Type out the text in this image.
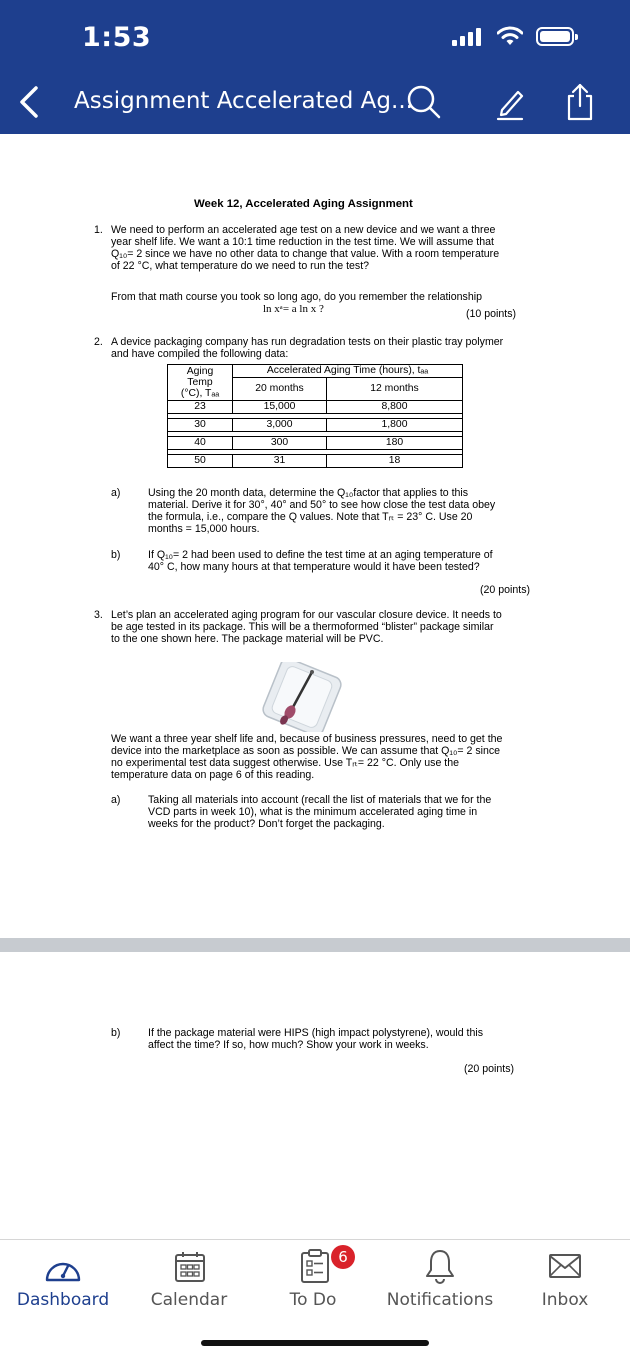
1:53
Assignment Accelerated Ag...
Week 12, Accelerated Aging Assignment
1. We need to perform an accelerated age test on a new device and we want a three
year shelf life. We want a 10:1 time reduction in the test time. We will assume that
Q₁₀= 2 since we have no other data to change that value. With a room temperature
of 22 °C, what temperature do we need to run the test?
From that math course you took so long ago, do you remember the relationship
ln xᵃ= a ln x ?	(10 points)
2. A device packaging company has run degradation tests on their plastic tray polymer
and have compiled the following data:
Aging
Temp
(°C), Tₐₐ	Accelerated Aging Time (hours), tₐₐ	
	20 months	12 months
23	15,000	8,800

30	3,000	1,800

40	300	180

50	31	18
a)	Using the 20 month data, determine the Q₁₀factor that applies to this
material. Derive it for 30°, 40° and 50° to see how close the test data obey
the formula, i.e., compare the Q values. Note that Tᵣₜ = 23° C. Use 20
months = 15,000 hours.
b)	If Q₁₀= 2 had been used to define the test time at an aging temperature of
40° C, how many hours at that temperature would it have been tested?
(20 points)
3. Let’s plan an accelerated aging program for our vascular closure device. It needs to
be age tested in its package. This will be a thermoformed “blister” package similar
to the one shown here. The package material will be PVC.
We want a three year shelf life and, because of business pressures, need to get the
device into the marketplace as soon as possible. We can assume that Q₁₀= 2 since
no experimental test data suggest otherwise. Use Tᵣₜ= 22 °C. Only use the
temperature data on page 6 of this reading.
a)	Taking all materials into account (recall the list of materials that we for the
VCD parts in week 10), what is the minimum accelerated aging time in
weeks for the product? Don’t forget the packaging.
b)	If the package material were HIPS (high impact polystyrene), would this
affect the time? If so, how much? Show your work in weeks.
(20 points)
Dashboard Calendar	To Do	Notifications	Inbox
6
